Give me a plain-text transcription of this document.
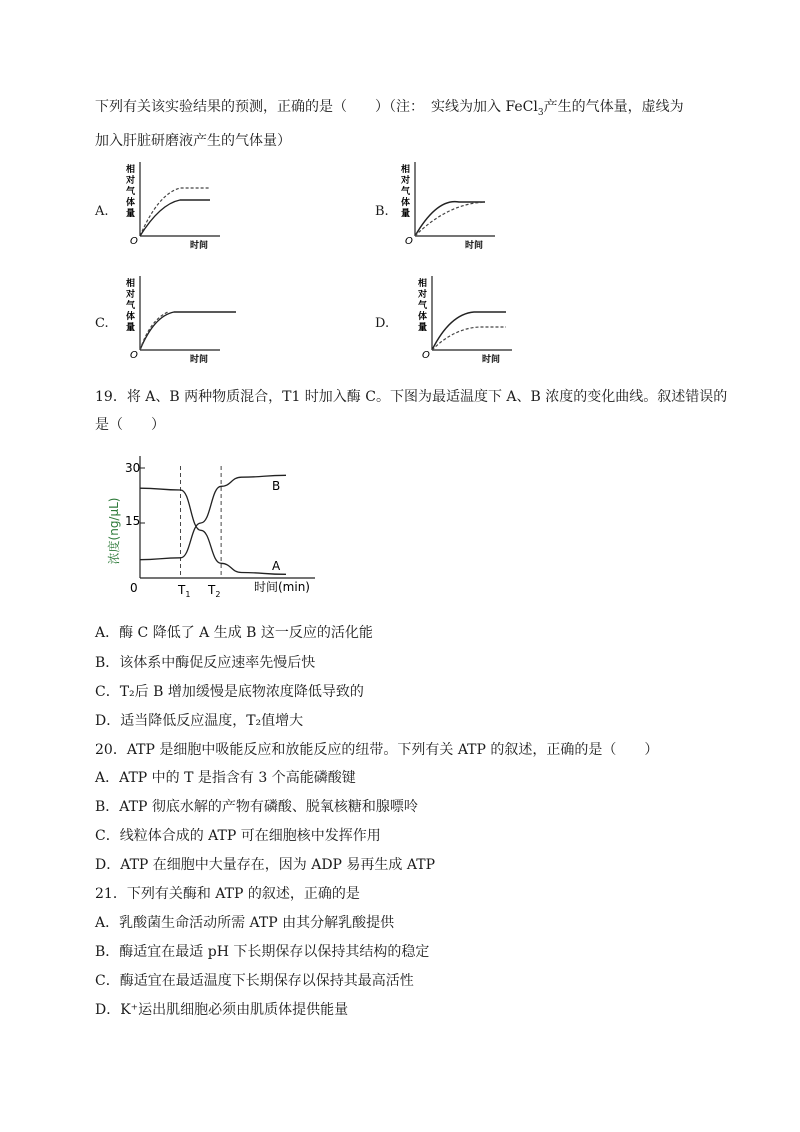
下列有关该实验结果的预测，正确的是（　　）（注：　实线为加入 FeCl$_3$产生的气体量，虚线为
加入肝脏研磨液产生的气体量）
A.
相
对
气
体
量
O	时间
B.
相
对
气
体
量
O	时间
C.
相
对
气
体
量
O	时间
D.
相
对
气
体
量
O	时间
19．将 A、B 两种物质混合，T1 时加入酶 C。下图为最适温度下 A、B 浓度的变化曲线。叙述错误的
是（　　）
浓度(ng/μL)
30
15
0	$T_1$ $T_2$
时间(min)
B
A
A．酶 C 降低了 A 生成 B 这一反应的活化能
B．该体系中酶促反应速率先慢后快
C．T₂后 B 增加缓慢是底物浓度降低导致的
D．适当降低反应温度，T₂值增大
20．ATP 是细胞中吸能反应和放能反应的纽带。下列有关 ATP 的叙述，正确的是（　　）
A．ATP 中的 T 是指含有 3 个高能磷酸键
B．ATP 彻底水解的产物有磷酸、脱氧核糖和腺嘌呤
C．线粒体合成的 ATP 可在细胞核中发挥作用
D．ATP 在细胞中大量存在，因为 ADP 易再生成 ATP
21．下列有关酶和 ATP 的叙述，正确的是
A．乳酸菌生命活动所需 ATP 由其分解乳酸提供
B．酶适宜在最适 pH 下长期保存以保持其结构的稳定
C．酶适宜在最适温度下长期保存以保持其最高活性
D．K⁺运出肌细胞必须由肌质体提供能量
